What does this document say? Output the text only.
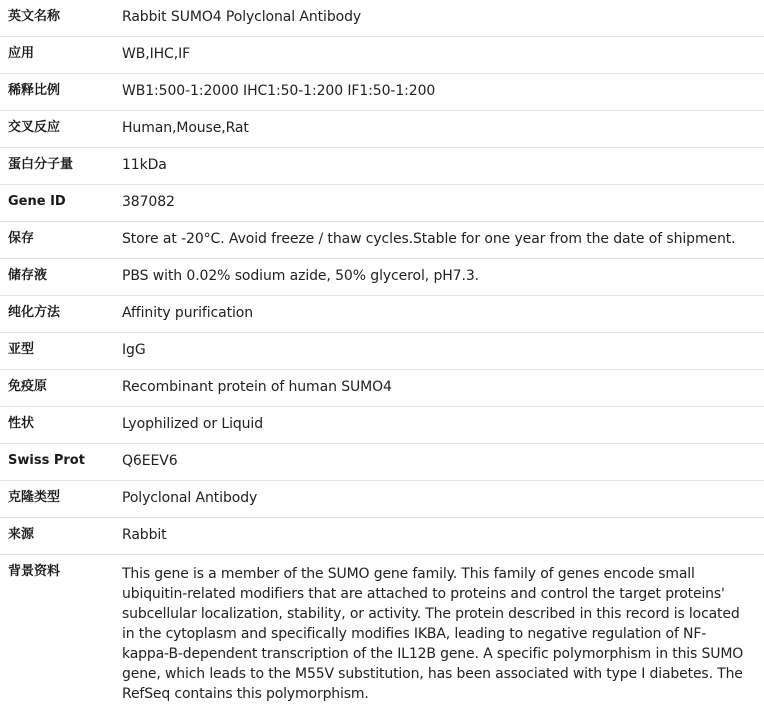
英文名称	Rabbit SUMO4 Polyclonal Antibody
应用	WB,IHC,IF
稀释比例	WB1:500-1:2000 IHC1:50-1:200 IF1:50-1:200
交叉反应	Human,Mouse,Rat
蛋白分子量	11kDa
Gene ID	387082
保存	Store at -20°C. Avoid freeze / thaw cycles.Stable for one year from the date of shipment.
储存液	PBS with 0.02% sodium azide, 50% glycerol, pH7.3.
纯化方法	Affinity purification
亚型	IgG
免疫原	Recombinant protein of human SUMO4
性状	Lyophilized or Liquid
Swiss Prot	Q6EEV6
克隆类型	Polyclonal Antibody
来源	Rabbit
背景资料	This gene is a member of the SUMO gene family. This family of genes encode small ubiquitin-related modifiers that are attached to proteins and control the target proteins' subcellular localization, stability, or activity. The protein described in this record is located in the cytoplasm and specifically modifies IKBA, leading to negative regulation of NF-kappa-B-dependent transcription of the IL12B gene. A specific polymorphism in this SUMO gene, which leads to the M55V substitution, has been associated with type I diabetes. The RefSeq contains this polymorphism.
